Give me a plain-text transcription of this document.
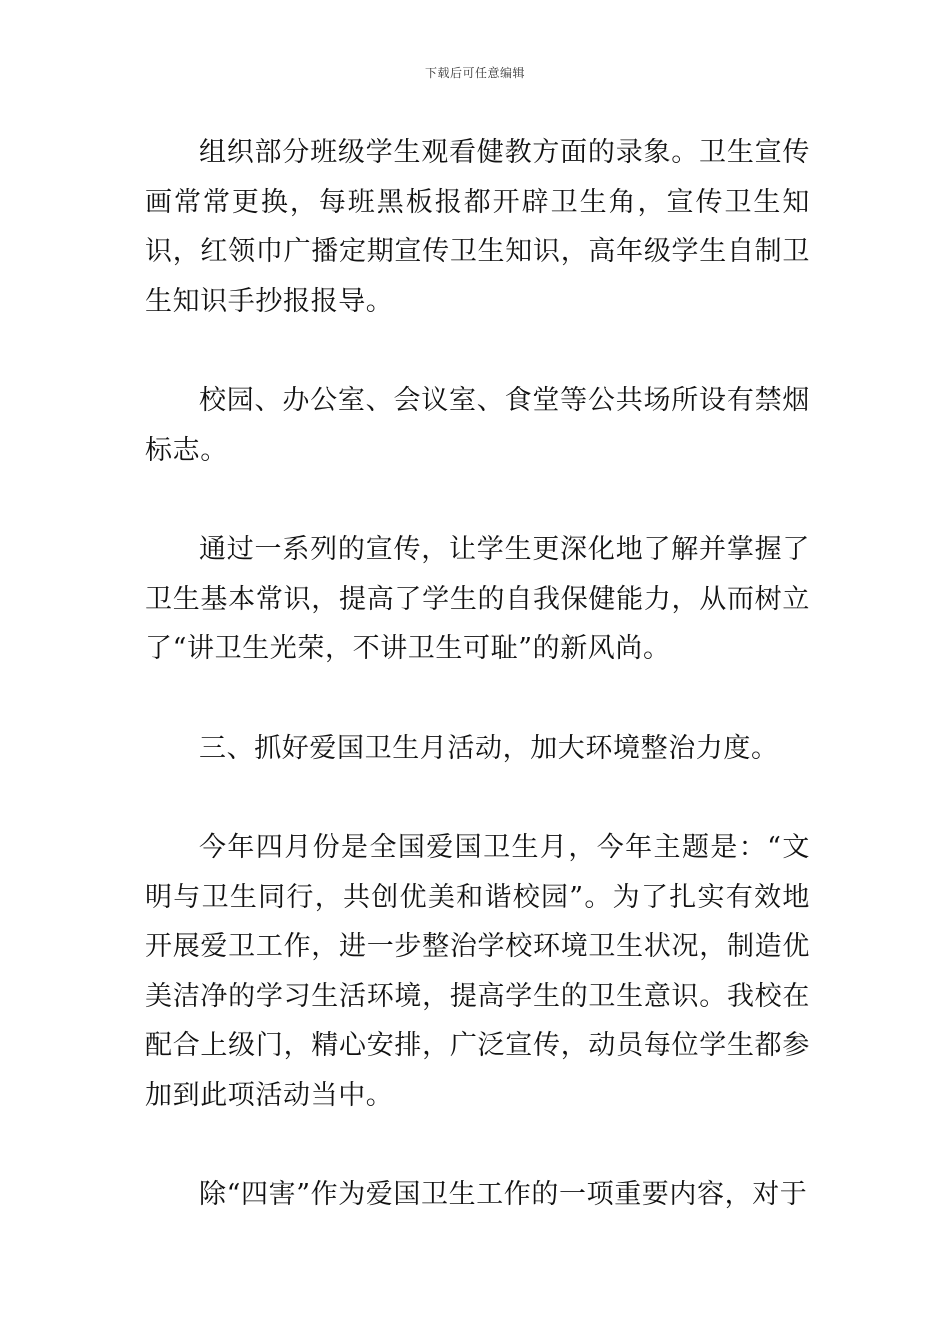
下载后可任意编辑

组织部分班级学生观看健教方面的录象。卫生宣传画常常更换，每班黑板报都开辟卫生角，宣传卫生知识，红领巾广播定期宣传卫生知识，高年级学生自制卫生知识手抄报报导。

校园、办公室、会议室、食堂等公共场所设有禁烟标志。

通过一系列的宣传，让学生更深化地了解并掌握了卫生基本常识，提高了学生的自我保健能力，从而树立了“讲卫生光荣，不讲卫生可耻”的新风尚。

三、抓好爱国卫生月活动，加大环境整治力度。

今年四月份是全国爱国卫生月，今年主题是：“文明与卫生同行，共创优美和谐校园”。为了扎实有效地开展爱卫工作，进一步整治学校环境卫生状况，制造优美洁净的学习生活环境，提高学生的卫生意识。我校在配合上级门，精心安排，广泛宣传，动员每位学生都参加到此项活动当中。

除“四害”作为爱国卫生工作的一项重要内容，对于
